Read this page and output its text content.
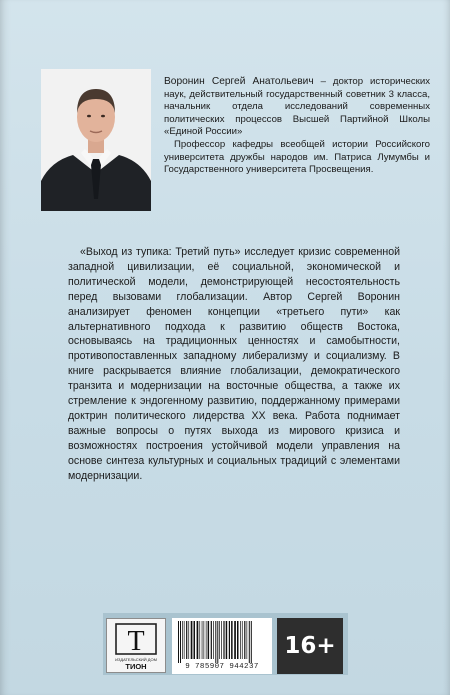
Воронин Сергей Анатольевич – доктор исторических наук, действительный государственный советник 3 класса, начальник отдела исследований современных политических процессов Высшей Партийной Школы «Единой России»

Профессор кафедры всеобщей истории Российского университета дружбы народов им. Патриса Лумумбы и Государственного университета Просвещения.

«Выход из тупика: Третий путь» исследует кризис современной западной цивилизации, её социальной, экономической и политической модели, демонстрирующей несостоятельность перед вызовами глобализации. Автор Сергей Воронин анализирует феномен концепции «третьего пути» как альтернативного подхода к развитию обществ Востока, основываясь на традиционных ценностях и самобытности, противопоставленных западному либерализму и социализму. В книге раскрывается влияние глобализации, демократического транзита и модернизации на восточные общества, а также их стремление к эндогенному развитию, поддержанному примерами доктрин политического лидерства XX века. Работа поднимает важные вопросы о путях выхода из мирового кризиса и возможностях построения устойчивой модели управления на основе синтеза культурных и социальных традиций с элементами модернизации.

Т
ИЗДАТЕЛЬСКИЙ ДОМ
ТИОН	9 785907 944237
16+
